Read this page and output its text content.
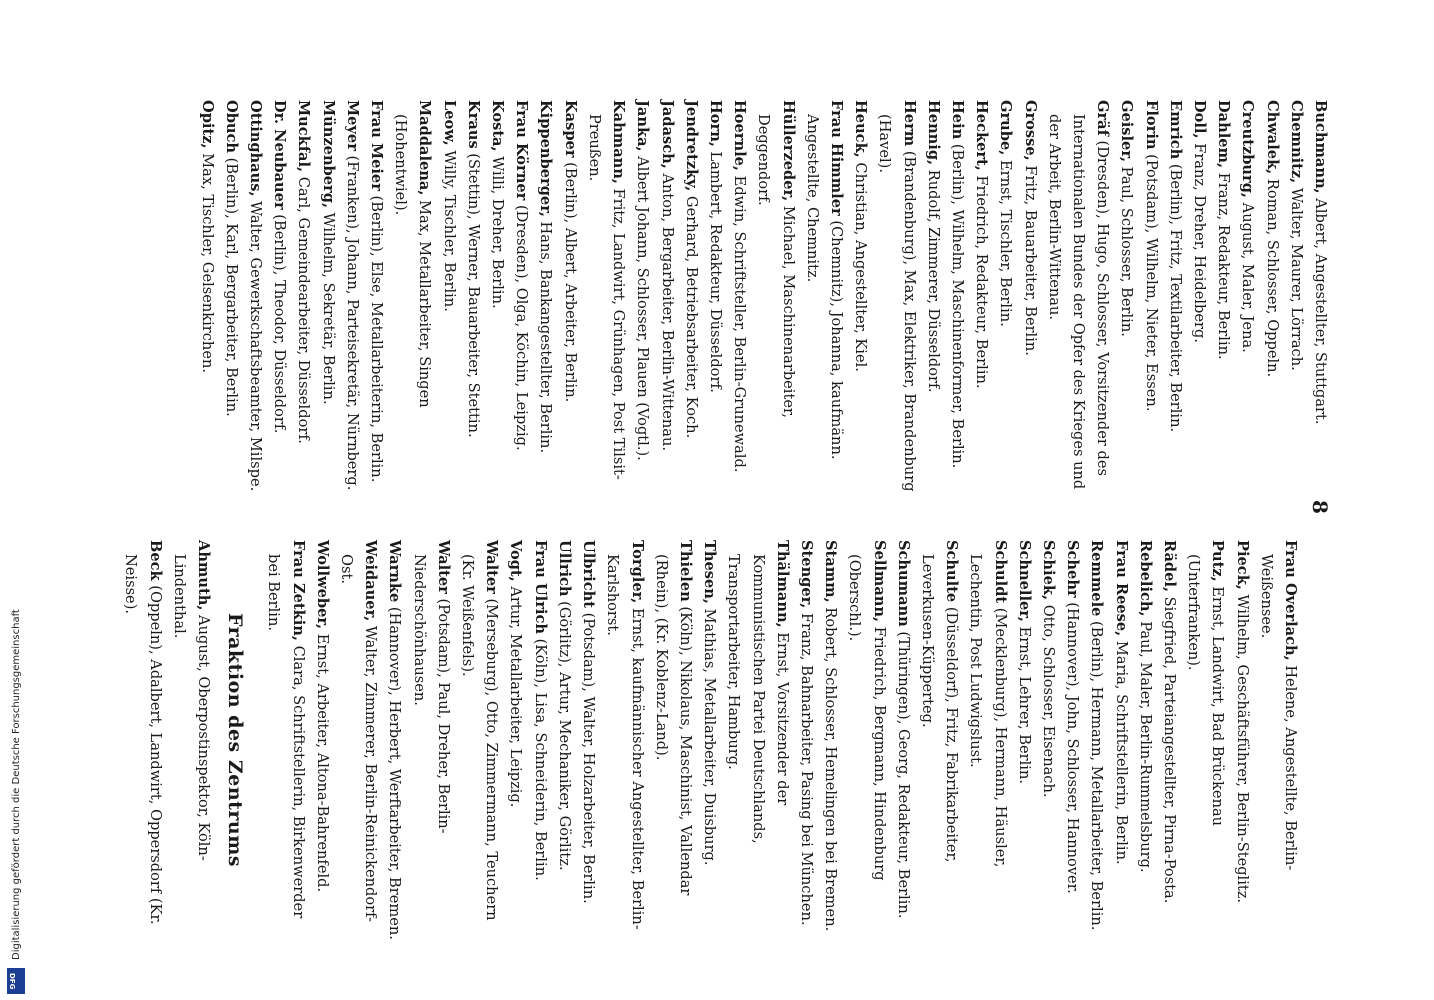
8

Buchmann, Albert, Angestellter, Stuttgart.

Chemnitz, Walter, Maurer, Lörrach.

Chwalek, Roman, Schlosser, Oppeln.

Creutzburg, August, Maler, Jena.

Dahlem, Franz, Redakteur, Berlin.

Doll, Franz, Dreher, Heidelberg.

Emrich (Berlin), Fritz, Textilarbeiter, Berlin.

Florin (Potsdam), Wilhelm, Nieter, Essen.

Geisler, Paul, Schlosser, Berlin.

Gräf (Dresden), Hugo, Schlosser, Vorsitzender des Internationalen Bundes der Opfer des Krieges und der Arbeit, Berlin-Wittenau.

Grosse, Fritz, Bauarbeiter, Berlin.

Grube, Ernst, Tischler, Berlin.

Heckert, Friedrich, Redakteur, Berlin.

Hein (Berlin), Wilhelm, Maschinenformer, Berlin.

Hennig, Rudolf, Zimmerer, Düsseldorf.

Herm (Brandenburg), Max, Elektriker, Brandenburg (Havel).

Heuck, Christian, Angestellter, Kiel.

Frau Himmler (Chemnitz), Johanna, kaufmänn. Angestellte, Chemnitz.

Hüllerzeder, Michael, Maschinenarbeiter, Deggendorf.

Hoernle, Edwin, Schriftsteller, Berlin-Grunewald.

Horn, Lambert, Redakteur, Düsseldorf.

Jendretzky, Gerhard, Betriebsarbeiter, Koch.

Jadasch, Anton, Bergarbeiter, Berlin-Wittenau.

Janka, Albert Johann, Schlosser, Plauen (Vogtl.).

Kahmann, Fritz, Landwirt, Grünhagen, Post Tilsit-Preußen.

Kasper (Berlin), Albert, Arbeiter, Berlin.

Kippenberger, Hans, Bankangestellter, Berlin.

Frau Körner (Dresden), Olga, Köchin, Leipzig.

Kosta, Willi, Dreher, Berlin.

Kraus (Stettin), Werner, Bauarbeiter, Stettin.

Leow, Willy, Tischler, Berlin.

Maddalena, Max, Metallarbeiter, Singen (Hohentwiel).

Frau Meier (Berlin), Else, Metallarbeiterin, Berlin.

Meyer (Franken), Johann, Parteisekretär, Nürnberg.

Münzenberg, Wilhelm, Sekretär, Berlin.

Muckfal, Carl, Gemeindearbeiter, Düsseldorf.

Dr. Neubauer (Berlin), Theodor, Düsseldorf.

Ottinghaus, Walter, Gewerkschaftsbeamter, Milspe.

Obuch (Berlin), Karl, Bergarbeiter, Berlin.

Opitz, Max, Tischler, Gelsenkirchen.

Frau Overlach, Helene, Angestellte, Berlin-Weißensee.

Pieck, Wilhelm, Geschäftsführer, Berlin-Steglitz.

Putz, Ernst, Landwirt, Bad Brückenau (Unterfranken).

Rädel, Siegfried, Parteiangestellter, Pirna-Posta.

Rebelich, Paul, Maler, Berlin-Rummelsburg.

Frau Reese, Maria, Schriftstellerin, Berlin.

Remmele (Berlin), Hermann, Metallarbeiter, Berlin.

Schehr (Hannover), John, Schlosser, Hannover.

Schiek, Otto, Schlosser, Eisenach.

Schneller, Ernst, Lehrer, Berlin.

Schuldt (Mecklenburg), Hermann, Häusler, Lechentin, Post Ludwigslust.

Schulte (Düsseldorf), Fritz, Fabrikarbeiter, Leverkusen-Küpperteg.

Schumann (Thüringen), Georg, Redakteur, Berlin.

Sellmann, Friedrich, Bergmann, Hindenburg (Oberschl.).

Stamm, Robert, Schlosser, Hemelingen bei Bremen.

Stenger, Franz, Bahnarbeiter, Pasing bei München.

Thälmann, Ernst, Vorsitzender der Kommunistischen Partei Deutschlands, Transportarbeiter, Hamburg.

Thesen, Mathias, Metallarbeiter, Duisburg.

Thielen (Köln), Nikolaus, Maschinist, Vallendar (Rhein), (Kr. Koblenz-Land).

Torgler, Ernst, kaufmännischer Angestellter, Berlin-Karlshorst.

Ulbricht (Potsdam), Walter, Holzarbeiter, Berlin.

Ullrich (Görlitz), Artur, Mechaniker, Görlitz.

Frau Ulrich (Köln), Lisa, Schneiderin, Berlin.

Vogt, Artur, Metallarbeiter, Leipzig.

Walter (Merseburg), Otto, Zimmermann, Teuchern (Kr. Weißenfels).

Walter (Potsdam), Paul, Dreher, Berlin-Niederschönhausen.

Warnke (Hannover), Herbert, Werftarbeiter, Bremen.

Weidauer, Walter, Zimmerer, Berlin-Reinickendorf-Ost.

Wollweber, Ernst, Arbeiter, Altona-Bahrenfeld.

Frau Zetkin, Clara, Schriftstellerin, Birkenwerder bei Berlin.

Fraktion des Zentrums

Ahmuth, August, Oberpostinspektor, Köln-Lindenthal.

Beck (Oppeln), Adalbert, Landwirt, Oppersdorf (Kr. Neisse).

Digitalisierung gefördert durch die Deutsche Forschungsgemeinschaft
DFG
